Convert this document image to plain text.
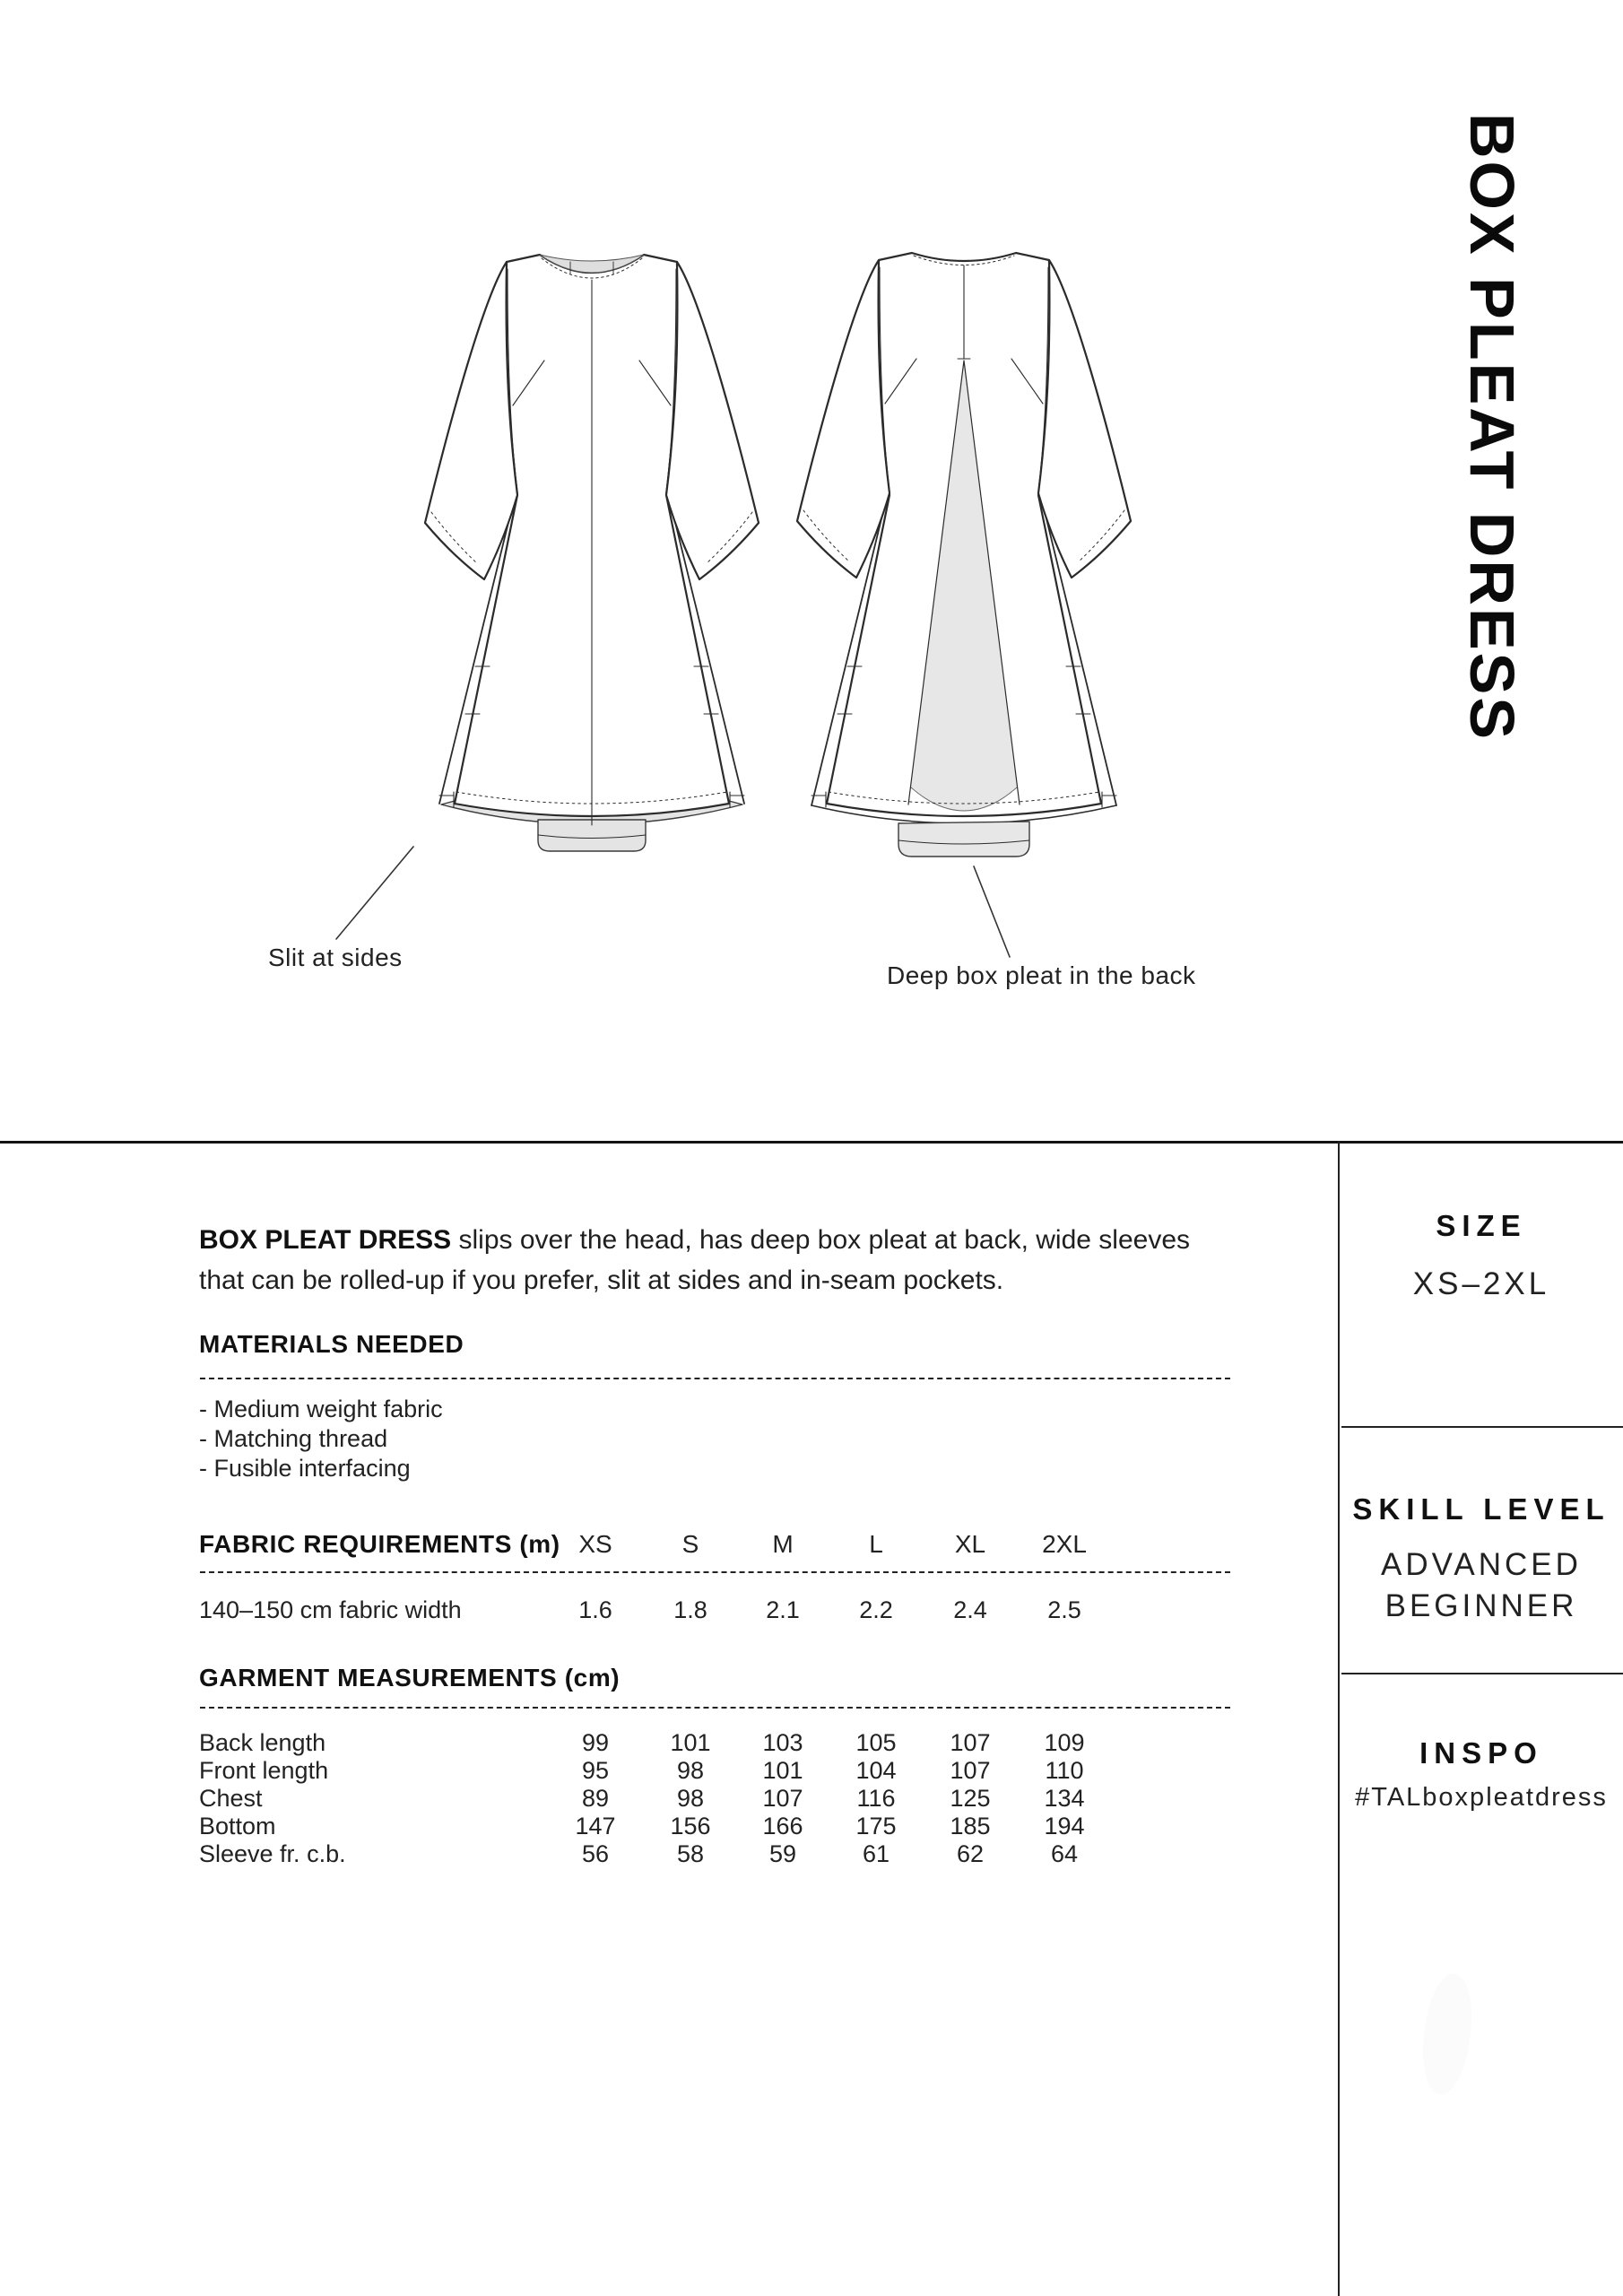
Slit at sides
Deep box pleat in the back
BOX PLEAT DRESS
BOX PLEAT DRESS slips over the head, has deep box pleat at back, wide sleeves
that can be rolled-up if you prefer, slit at sides and in-seam pockets.
MATERIALS NEEDED
- Medium weight fabric
- Matching thread
- Fusible interfacing
FABRIC REQUIREMENTS (m) XS	S	M	L	XL	2XL
140–150 cm fabric width	1.6	1.8	2.1	2.2	2.4	2.5
GARMENT MEASUREMENTS (cm)
Back length	99	101	103	105	107	109
Front length	95	98	101	104	107	110
Chest	89	98	107	116	125	134
Bottom	147	156	166	175	185	194
Sleeve fr. c.b.	56	58	59	61	62	64
SIZE
XS–2XL
SKILL LEVEL
ADVANCED
BEGINNER
INSPO
#TALboxpleatdress
